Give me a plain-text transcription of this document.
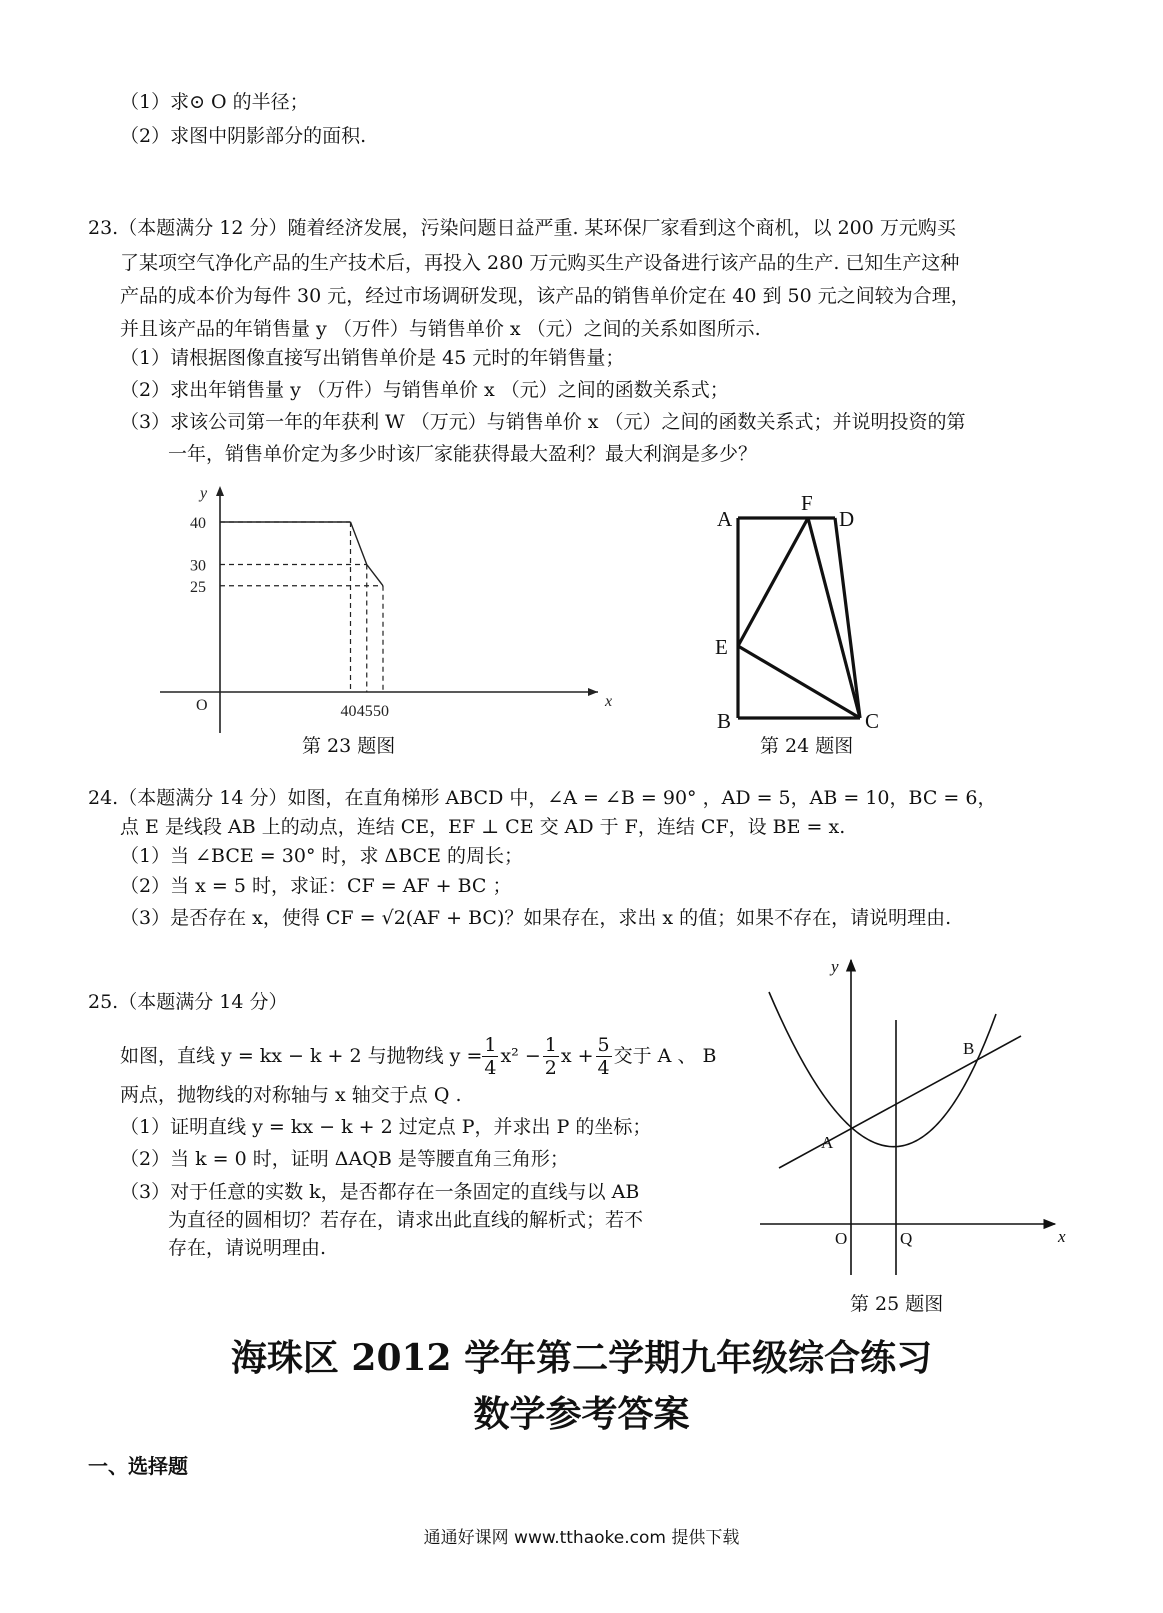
（1）求⊙ O 的半径；
（2）求图中阴影部分的面积.
23.（本题满分 12 分）随着经济发展，污染问题日益严重. 某环保厂家看到这个商机，以 200 万元购买
了某项空气净化产品的生产技术后，再投入 280 万元购买生产设备进行该产品的生产. 已知生产这种
产品的成本价为每件 30 元，经过市场调研发现，该产品的销售单价定在 40 到 50 元之间较为合理，
并且该产品的年销售量 y （万件）与销售单价 x （元）之间的关系如图所示.
（1）请根据图像直接写出销售单价是 45 元时的年销售量；
（2）求出年销售量 y （万件）与销售单价 x （元）之间的函数关系式；
（3）求该公司第一年的年获利 W （万元）与销售单价 x （元）之间的函数关系式；并说明投资的第
一年，销售单价定为多少时该厂家能获得最大盈利？最大利润是多少？
40 45 50
40
30
25
O	x
y
第 23 题图
A
F
D
E
B	C
第 24 题图
24.（本题满分 14 分）如图，在直角梯形 ABCD 中，∠A = ∠B = 90° ，AD = 5，AB = 10，BC = 6，
点 E 是线段 AB 上的动点，连结 CE，EF ⊥ CE 交 AD 于 F，连结 CF，设 BE = x.
（1）当 ∠BCE = 30° 时，求 ΔBCE 的周长；
（2）当 x = 5 时，求证：CF = AF + BC ；
（3）是否存在 x，使得 CF = √2(AF + BC)？如果存在，求出 x 的值；如果不存在，请说明理由.
25.（本题满分 14 分）
如图，直线 y = kx − k + 2 与抛物线 $y = \frac{1}{4} x^2 - \frac{1}{2}$ $x + \frac{5}{4}$ 交于 A 、 B
两点，抛物线的对称轴与 x 轴交于点 Q .
（1）证明直线 y = kx − k + 2 过定点 P，并求出 P 的坐标；
（2）当 k = 0 时，证明 ΔAQB 是等腰直角三角形；
（3）对于任意的实数 k，是否都存在一条固定的直线与以 AB
为直径的圆相切？若存在，请求出此直线的解析式；若不
存在，请说明理由.
y
x
O	Q
A
B
第 25 题图
海珠区 2012 学年第二学期九年级综合练习
数学参考答案
一、选择题
通通好课网 www.tthaoke.com 提供下载
